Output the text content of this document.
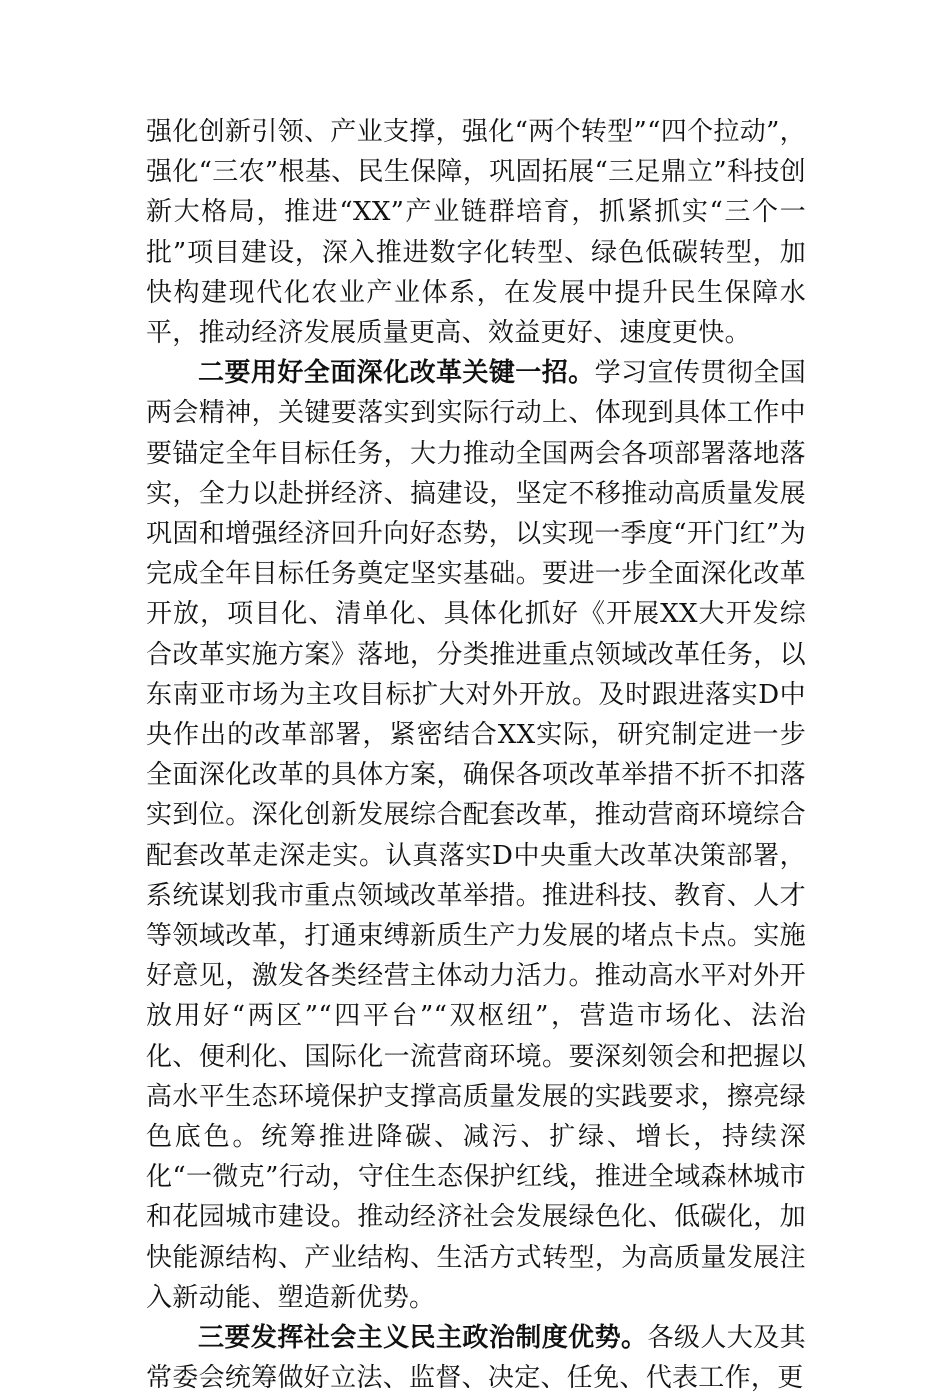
强化创新引领、产业支撑，强化“两个转型”“四个拉动”，强化“三农”根基、民生保障，巩固拓展“三足鼎立”科技创新大格局，推进“XX”产业链群培育，抓紧抓实“三个一批”项目建设，深入推进数字化转型、绿色低碳转型，加快构建现代化农业产业体系，在发展中提升民生保障水平，推动经济发展质量更高、效益更好、速度更快。

二要用好全面深化改革关键一招。学习宣传贯彻全国两会精神，关键要落实到实际行动上、体现到具体工作中要锚定全年目标任务，大力推动全国两会各项部署落地落实，全力以赴拼经济、搞建设，坚定不移推动高质量发展巩固和增强经济回升向好态势，以实现一季度“开门红”为完成全年目标任务奠定坚实基础。要进一步全面深化改革开放，项目化、清单化、具体化抓好《开展XX大开发综合改革实施方案》落地，分类推进重点领域改革任务，以东南亚市场为主攻目标扩大对外开放。及时跟进落实D中央作出的改革部署，紧密结合XX实际，研究制定进一步全面深化改革的具体方案，确保各项改革举措不折不扣落实到位。深化创新发展综合配套改革，推动营商环境综合配套改革走深走实。认真落实D中央重大改革决策部署，系统谋划我市重点领域改革举措。推进科技、教育、人才等领域改革，打通束缚新质生产力发展的堵点卡点。实施好意见，激发各类经营主体动力活力。推动高水平对外开放用好“两区”“四平台”“双枢纽”，营造市场化、法治化、便利化、国际化一流营商环境。要深刻领会和把握以高水平生态环境保护支撑高质量发展的实践要求，擦亮绿色底色。统筹推进降碳、减污、扩绿、增长，持续深化“一微克”行动，守住生态保护红线，推进全域森林城市和花园城市建设。推动经济社会发展绿色化、低碳化，加快能源结构、产业结构、生活方式转型，为高质量发展注入新动能、塑造新优势。

三要发挥社会主义民主政治制度优势。各级人大及其常委会统筹做好立法、监督、决定、任免、代表工作，更
